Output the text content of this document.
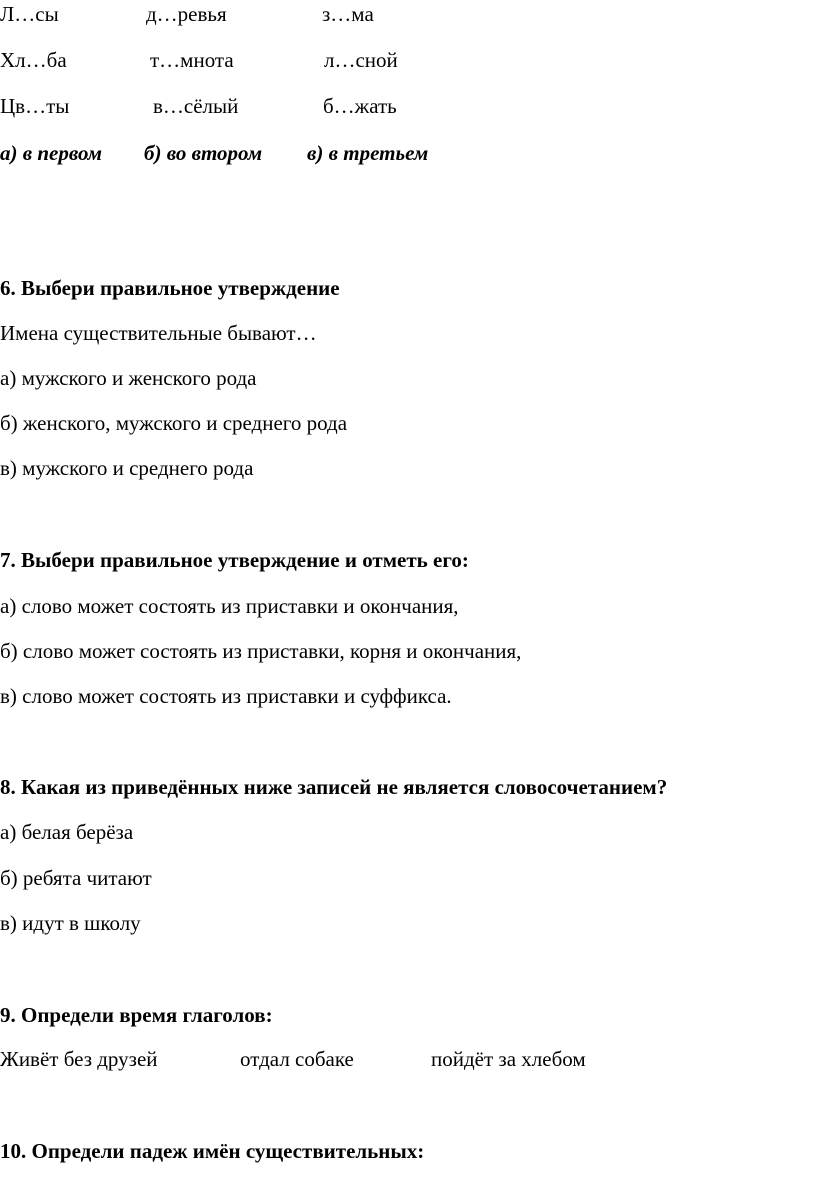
Л…сы	д…ревья	з…ма
Хл…ба	т…мнота	л…сной
Цв…ты	в…сёлый	б…жать
а) в первом б) во втором в) в третьем
6. Выбери правильное утверждение
Имена существительные бывают…
а) мужского и женского рода
б) женского, мужского и среднего рода
в) мужского и среднего рода
7. Выбери правильное утверждение и отметь его:
а) слово может состоять из приставки и окончания,
б) слово может состоять из приставки, корня и окончания,
в) слово может состоять из приставки и суффикса.
8. Какая из приведённых ниже записей не является словосочетанием?
а) белая берёза
б) ребята читают
в) идут в школу
9. Определи время глаголов:
Живёт без друзей	отдал собаке	пойдёт за хлебом
10. Определи падеж имён существительных:
